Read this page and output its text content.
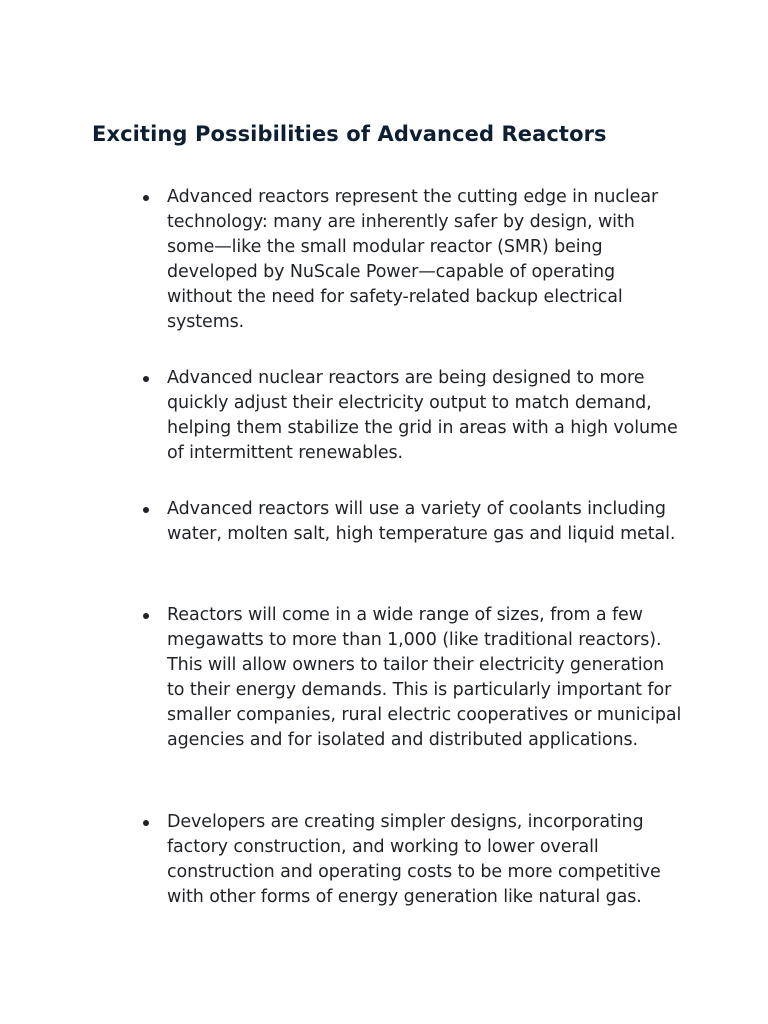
Exciting Possibilities of Advanced Reactors
Advanced reactors represent the cutting edge in nuclear technology: many are inherently safer by design, with some—like the small modular reactor (SMR) being developed by NuScale Power—capable of operating without the need for safety-related backup electrical systems.
Advanced nuclear reactors are being designed to more quickly adjust their electricity output to match demand, helping them stabilize the grid in areas with a high volume of intermittent renewables.
Advanced reactors will use a variety of coolants including water, molten salt, high temperature gas and liquid metal.
Reactors will come in a wide range of sizes, from a few megawatts to more than 1,000 (like traditional reactors). This will allow owners to tailor their electricity generation to their energy demands. This is particularly important for smaller companies, rural electric cooperatives or municipal agencies and for isolated and distributed applications.
Developers are creating simpler designs, incorporating factory construction, and working to lower overall construction and operating costs to be more competitive with other forms of energy generation like natural gas.
